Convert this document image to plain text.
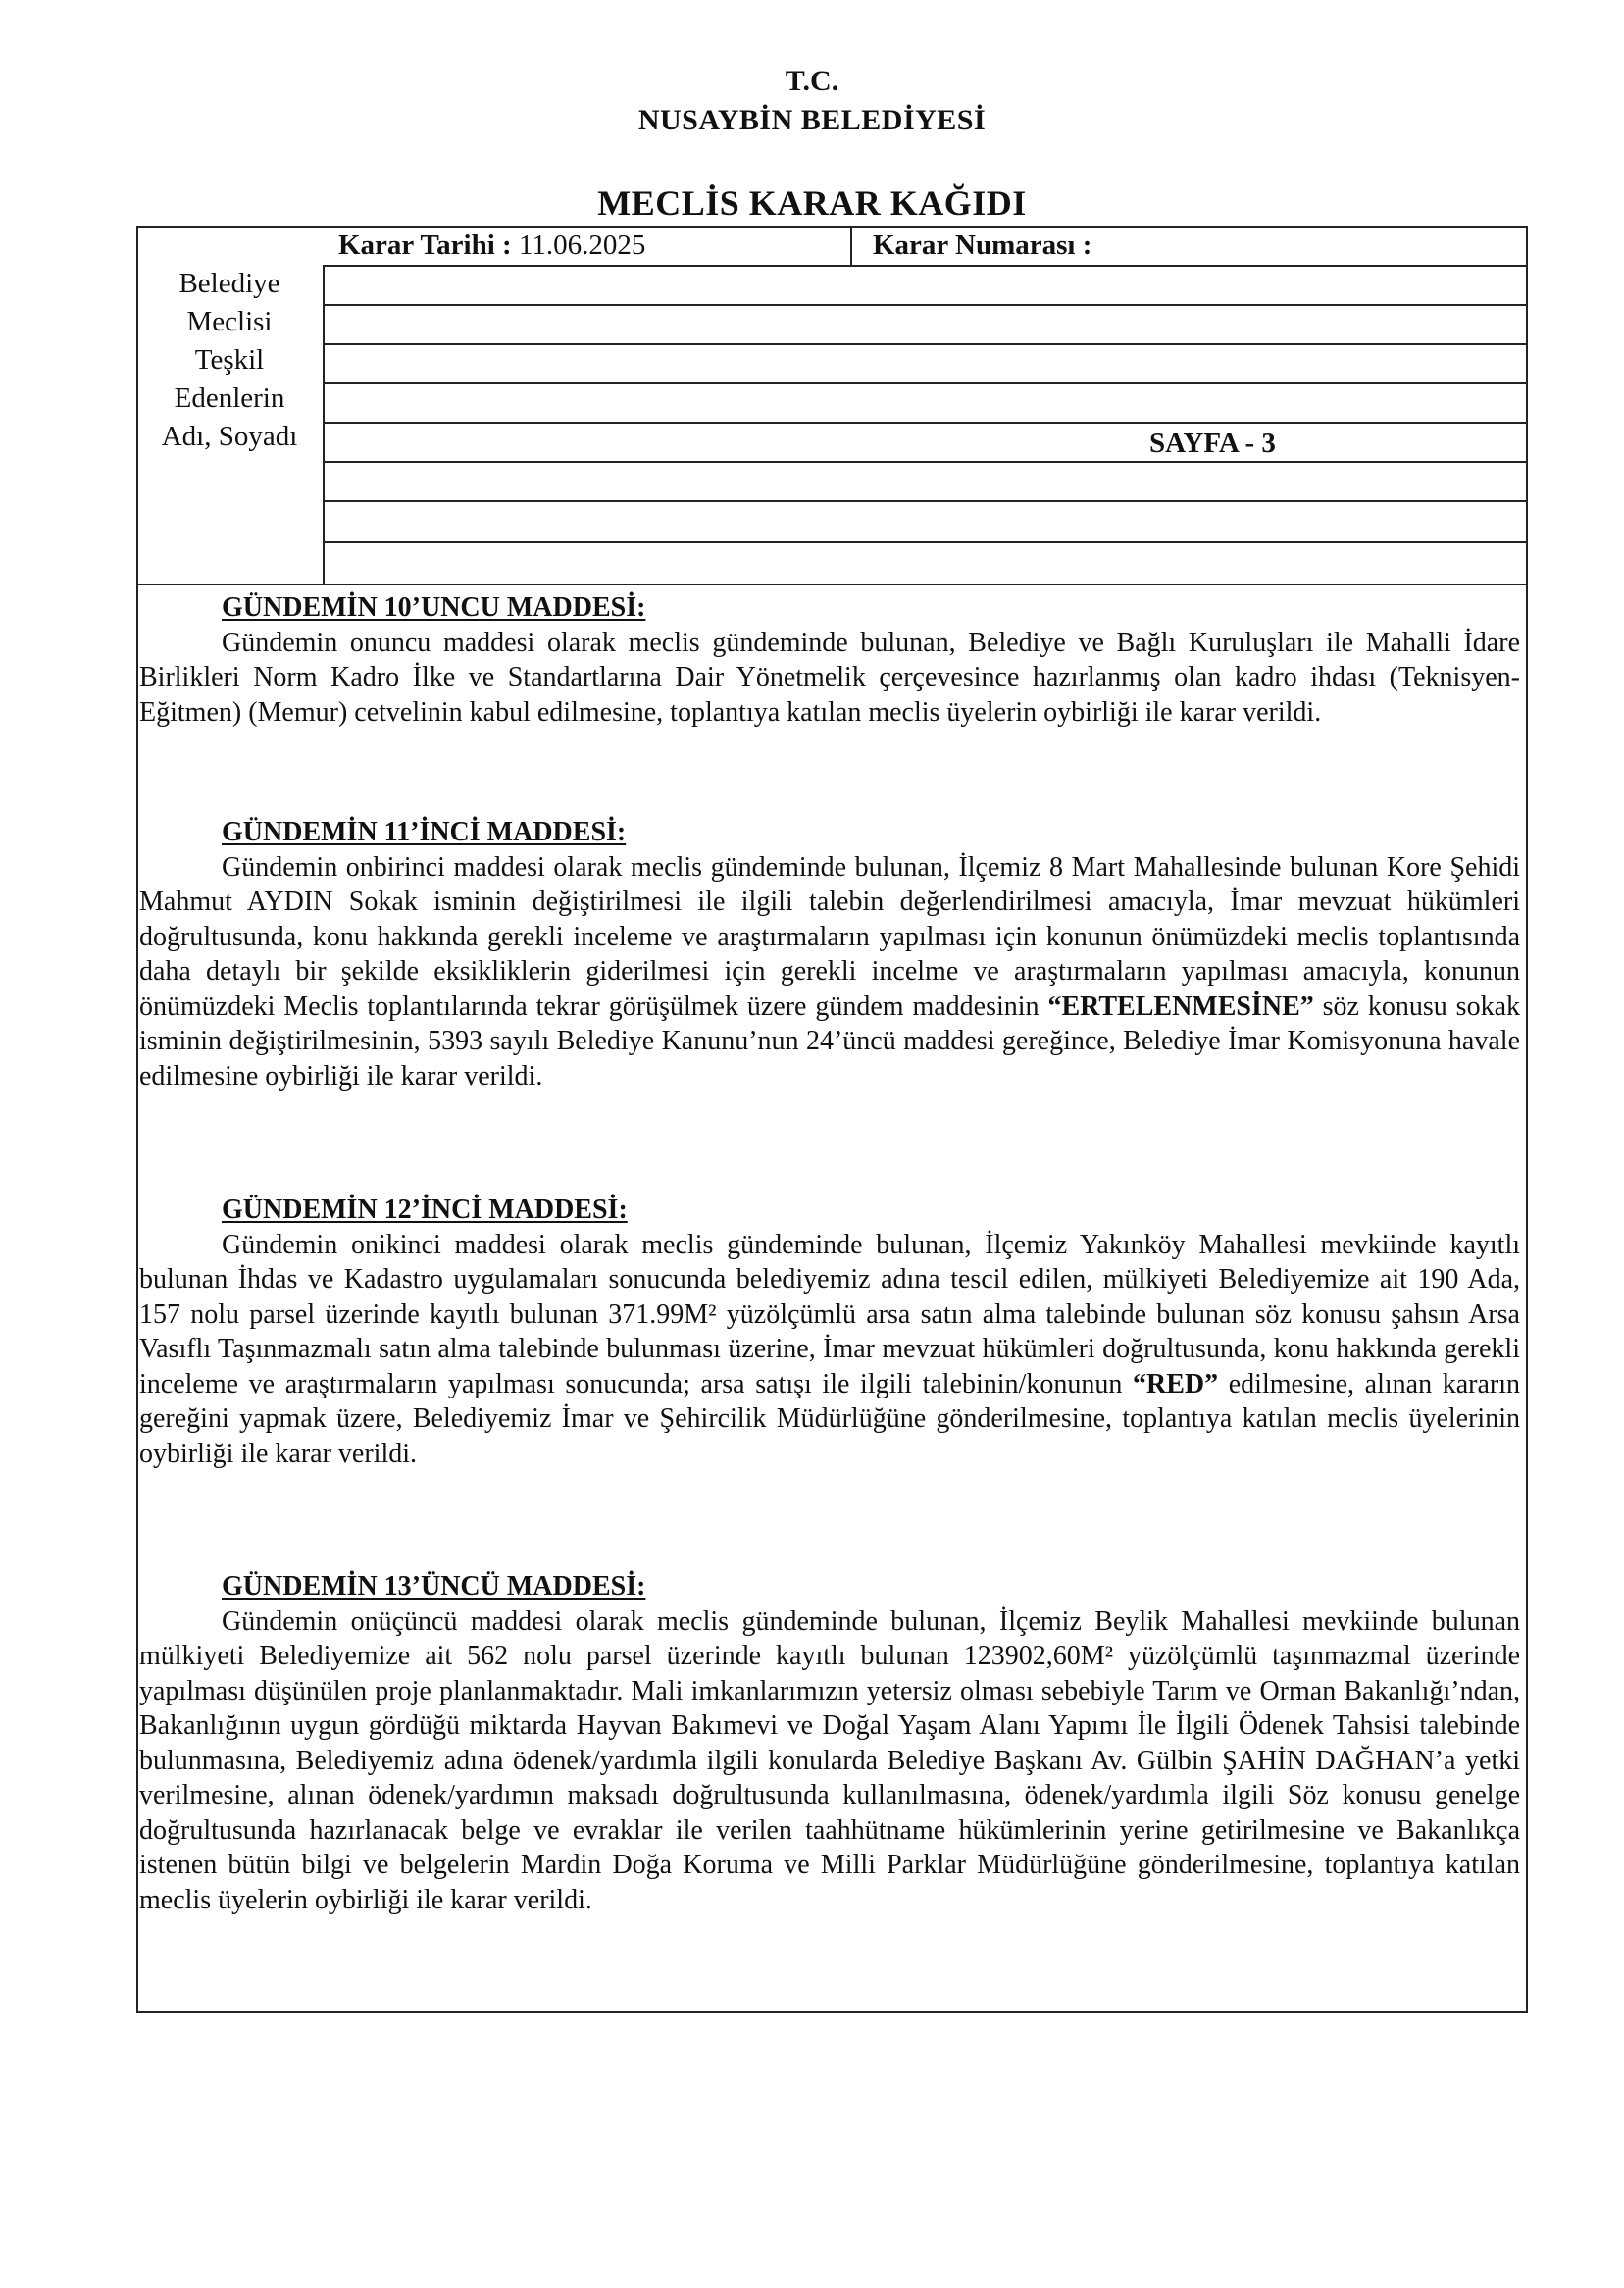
T.C.
NUSAYBİN BELEDİYESİ
MECLİS KARAR KAĞIDI
Karar Tarihi : 11.06.2025	Karar Numarası :
Belediye
Meclisi
Teşkil
Edenlerin
Adı, Soyadı	SAYFA - 3
GÜNDEMİN 10’UNCU MADDESİ:

Gündemin onuncu maddesi olarak meclis gündeminde bulunan, Belediye ve Bağlı Kuruluşları ile Mahalli İdare Birlikleri Norm Kadro İlke ve Standartlarına Dair Yönetmelik çerçevesince hazırlanmış olan kadro ihdası (Teknisyen-Eğitmen) (Memur) cetvelinin kabul edilmesine, toplantıya katılan meclis üyelerin oybirliği ile karar verildi.

GÜNDEMİN 11’İNCİ MADDESİ:

Gündemin onbirinci maddesi olarak meclis gündeminde bulunan, İlçemiz 8 Mart Mahallesinde bulunan Kore Şehidi Mahmut AYDIN Sokak isminin değiştirilmesi ile ilgili talebin değerlendirilmesi amacıyla, İmar mevzuat hükümleri doğrultusunda, konu hakkında gerekli inceleme ve araştırmaların yapılması için konunun önümüzdeki meclis toplantısında daha detaylı bir şekilde eksikliklerin giderilmesi için gerekli incelme ve araştırmaların yapılması amacıyla, konunun önümüzdeki Meclis toplantılarında tekrar görüşülmek üzere gündem maddesinin “ERTELENMESİNE” söz konusu sokak isminin değiştirilmesinin, 5393 sayılı Belediye Kanunu’nun 24’üncü maddesi gereğince, Belediye İmar Komisyonuna havale edilmesine oybirliği ile karar verildi.

GÜNDEMİN 12’İNCİ MADDESİ:

Gündemin onikinci maddesi olarak meclis gündeminde bulunan, İlçemiz Yakınköy Mahallesi mevkiinde kayıtlı bulunan İhdas ve Kadastro uygulamaları sonucunda belediyemiz adına tescil edilen, mülkiyeti Belediyemize ait 190 Ada, 157 nolu parsel üzerinde kayıtlı bulunan 371.99M² yüzölçümlü arsa satın alma talebinde bulunan söz konusu şahsın Arsa Vasıflı Taşınmazmalı satın alma talebinde bulunması üzerine, İmar mevzuat hükümleri doğrultusunda, konu hakkında gerekli inceleme ve araştırmaların yapılması sonucunda; arsa satışı ile ilgili talebinin/konunun “RED” edilmesine, alınan kararın gereğini yapmak üzere, Belediyemiz İmar ve Şehircilik Müdürlüğüne gönderilmesine, toplantıya katılan meclis üyelerinin oybirliği ile karar verildi.

GÜNDEMİN 13’ÜNCÜ MADDESİ:

Gündemin onüçüncü maddesi olarak meclis gündeminde bulunan, İlçemiz Beylik Mahallesi mevkiinde bulunan mülkiyeti Belediyemize ait 562 nolu parsel üzerinde kayıtlı bulunan 123902,60M² yüzölçümlü taşınmazmal üzerinde yapılması düşünülen proje planlanmaktadır. Mali imkanlarımızın yetersiz olması sebebiyle Tarım ve Orman Bakanlığı’ndan, Bakanlığının uygun gördüğü miktarda Hayvan Bakımevi ve Doğal Yaşam Alanı Yapımı İle İlgili Ödenek Tahsisi talebinde bulunmasına, Belediyemiz adına ödenek/yardımla ilgili konularda Belediye Başkanı Av. Gülbin ŞAHİN DAĞHAN’a yetki verilmesine, alınan ödenek/yardımın maksadı doğrultusunda kullanılmasına, ödenek/yardımla ilgili Söz konusu genelge doğrultusunda hazırlanacak belge ve evraklar ile verilen taahhütname hükümlerinin yerine getirilmesine ve Bakanlıkça istenen bütün bilgi ve belgelerin Mardin Doğa Koruma ve Milli Parklar Müdürlüğüne gönderilmesine, toplantıya katılan meclis üyelerin oybirliği ile karar verildi.
